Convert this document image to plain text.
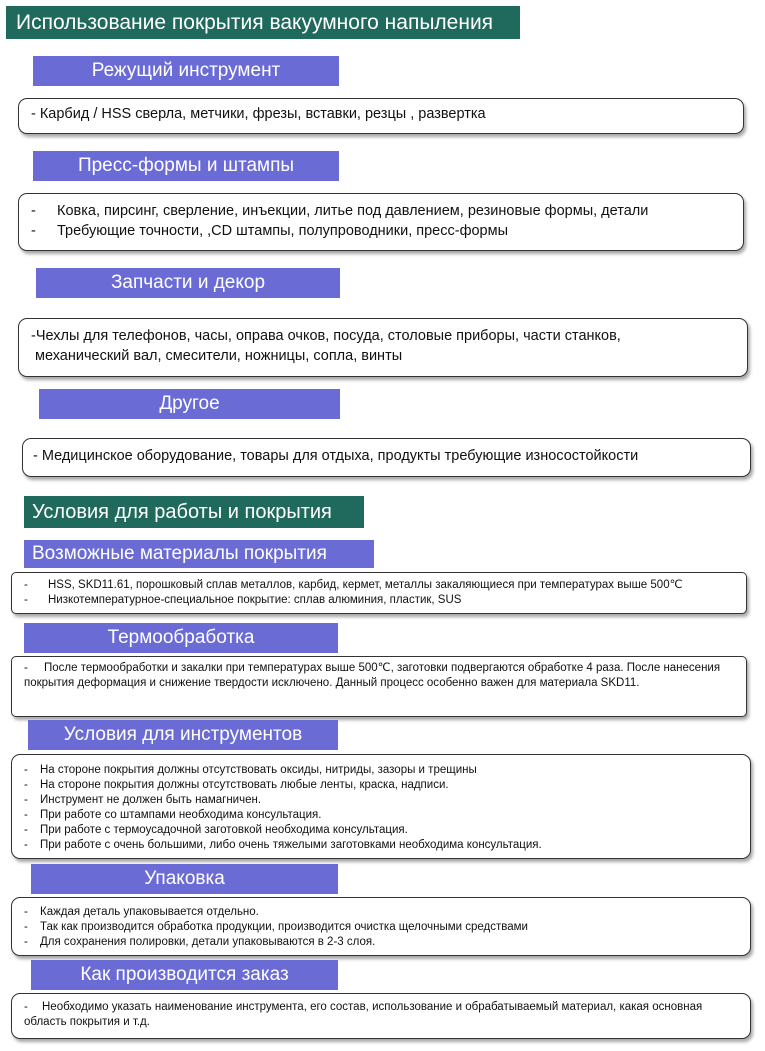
Использование покрытия вакуумного напыления
Режущий инструмент
- Карбид / HSS сверла, метчики, фрезы, вставки, резцы , развертка
Пресс-формы и штампы
- Ковка, пирсинг, сверление, инъекции, литье под давлением, резиновые формы, детали
- Требующие точности, ,CD штампы, полупроводники, пресс-формы
Запчасти и декор
-Чехлы для телефонов, часы, оправа очков, посуда, столовые приборы, части станков,
механический вал, смесители, ножницы, сопла, винты
Другое
- Медицинское оборудование, товары для отдыха, продукты требующие износостойкости
Условия для работы и покрытия
Возможные материалы покрытия
- HSS, SKD11.61, порошковый сплав металлов, карбид, кермет, металлы закаляющиеся при температурах выше 500℃
- Низкотемпературное-специальное покрытие: сплав алюминия, пластик, SUS
Термообработка
- После термообработки и закалки при температурах выше 500℃, заготовки подвергаются обработке 4 раза. После нанесения покрытия деформация и снижение твердости исключено. Данный процесс особенно важен для материала SKD11.
Условия для инструментов
- На стороне покрытия должны отсутствовать оксиды, нитриды, зазоры и трещины
- На стороне покрытия должны отсутствовать любые ленты, краска, надписи.
- Инструмент не должен быть намагничен.
- При работе со штампами необходима консультация.
- При работе с термоусадочной заготовкой необходима консультация.
- При работе с очень большими, либо очень тяжелыми заготовками необходима консультация.
Упаковка
- Каждая деталь упаковывается отдельно.
- Так как производится обработка продукции, производится очистка щелочными средствами
- Для сохранения полировки, детали упаковываются в 2-3 слоя.
Как производится заказ
- Необходимо указать наименование инструмента, его состав, использование и обрабатываемый материал, какая основная область покрытия и т.д.
